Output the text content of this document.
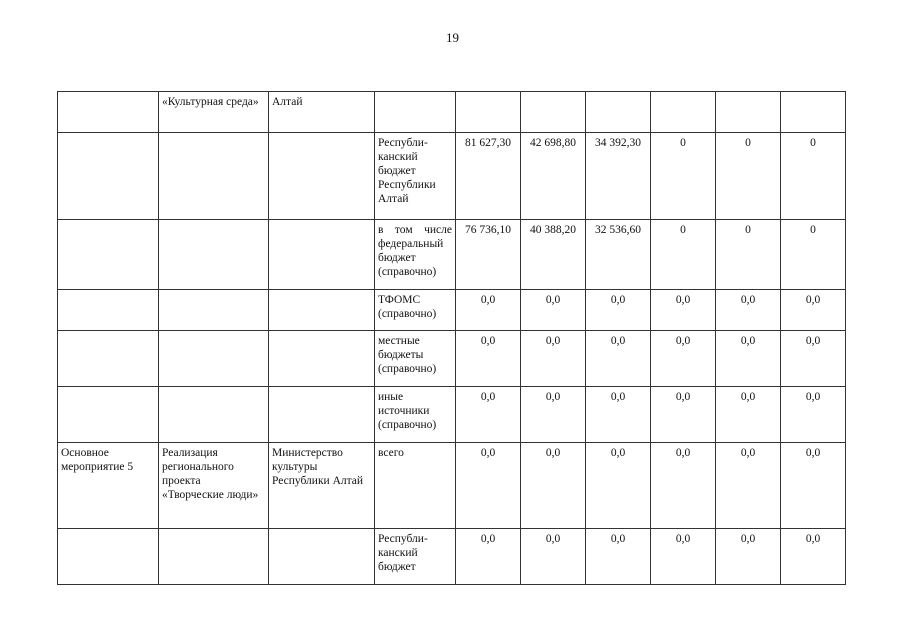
19
	«Культурная среда»	Алтай							
			Республи-канский бюджет Республики Алтай	81 627,30	42 698,80	34 392,30	0	0	0
			в том числе федеральный бюджет (справочно)	76 736,10	40 388,20	32 536,60	0	0	0
			ТФОМС (справочно)	0,0	0,0	0,0	0,0	0,0	0,0
			местные бюджеты (справочно)	0,0	0,0	0,0	0,0	0,0	0,0
			иные источники (справочно)	0,0	0,0	0,0	0,0	0,0	0,0
Основное мероприятие 5	Реализация регионального проекта «Творческие люди»	Министерство культуры Республики Алтай	всего	0,0	0,0	0,0	0,0	0,0	0,0
			Республи-канский бюджет	0,0	0,0	0,0	0,0	0,0	0,0
